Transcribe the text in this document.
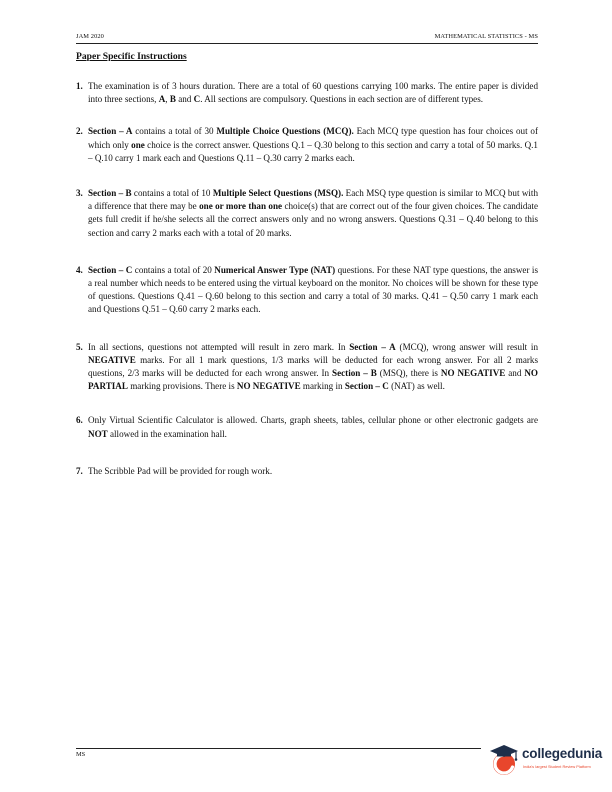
JAM 2020	MATHEMATICAL STATISTICS - MS
Paper Specific Instructions
1. The examination is of 3 hours duration. There are a total of 60 questions carrying 100 marks. The entire paper is divided into three sections, A, B and C. All sections are compulsory. Questions in each section are of different types.
2. Section – A contains a total of 30 Multiple Choice Questions (MCQ). Each MCQ type question has four choices out of which only one choice is the correct answer. Questions Q.1 – Q.30 belong to this section and carry a total of 50 marks. Q.1 – Q.10 carry 1 mark each and Questions Q.11 – Q.30 carry 2 marks each.
3. Section – B contains a total of 10 Multiple Select Questions (MSQ). Each MSQ type question is similar to MCQ but with a difference that there may be one or more than one choice(s) that are correct out of the four given choices. The candidate gets full credit if he/she selects all the correct answers only and no wrong answers. Questions Q.31 – Q.40 belong to this section and carry 2 marks each with a total of 20 marks.
4. Section – C contains a total of 20 Numerical Answer Type (NAT) questions. For these NAT type questions, the answer is a real number which needs to be entered using the virtual keyboard on the monitor. No choices will be shown for these type of questions. Questions Q.41 – Q.60 belong to this section and carry a total of 30 marks. Q.41 – Q.50 carry 1 mark each and Questions Q.51 – Q.60 carry 2 marks each.
5. In all sections, questions not attempted will result in zero mark. In Section – A (MCQ), wrong answer will result in NEGATIVE marks. For all 1 mark questions, 1/3 marks will be deducted for each wrong answer. For all 2 marks questions, 2/3 marks will be deducted for each wrong answer. In Section – B (MSQ), there is NO NEGATIVE and NO PARTIAL marking provisions. There is NO NEGATIVE marking in Section – C (NAT) as well.
6. Only Virtual Scientific Calculator is allowed. Charts, graph sheets, tables, cellular phone or other electronic gadgets are NOT allowed in the examination hall.
7. The Scribble Pad will be provided for rough work.
MS	collegedunia
India's largest Student Review Platform
